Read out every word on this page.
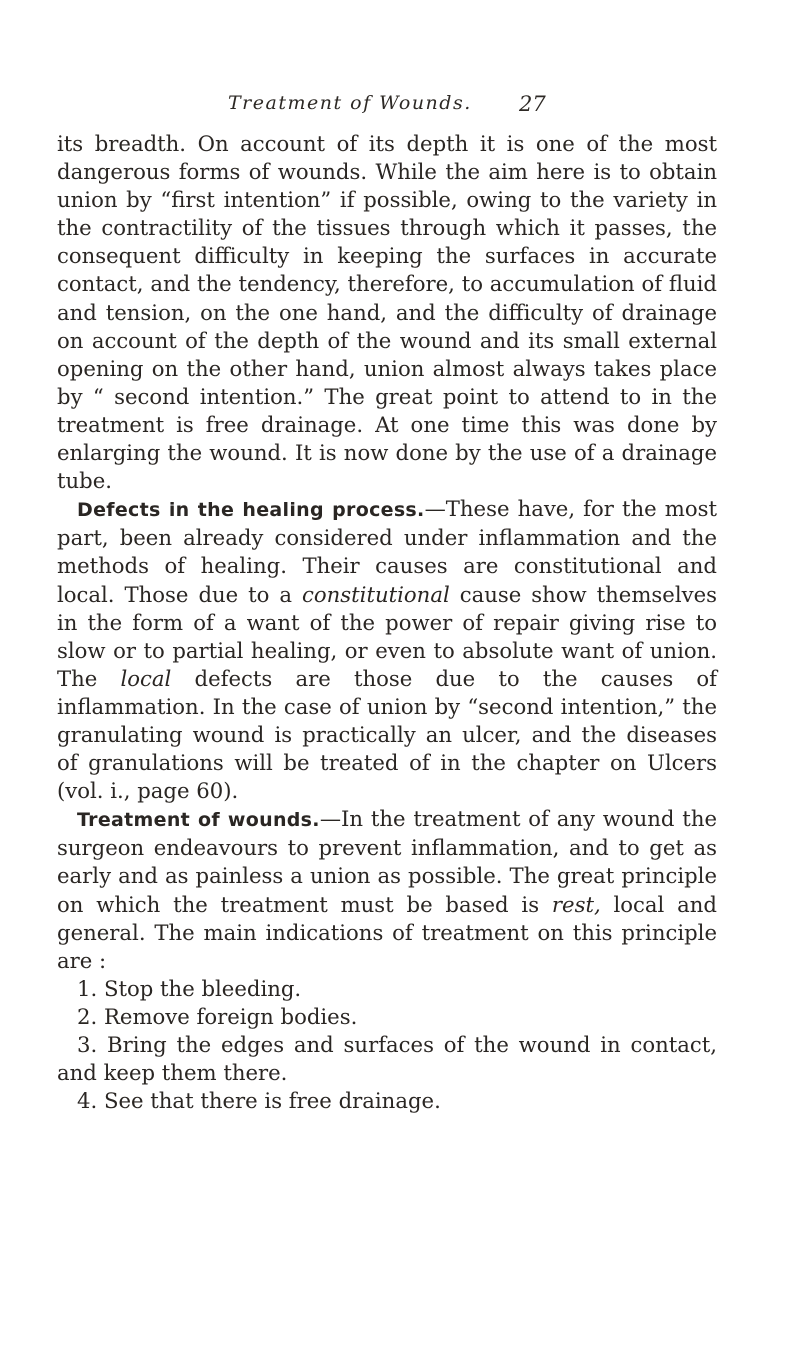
Treatment of Wounds. 27

its breadth. On account of its depth it is one of the most dangerous forms of wounds. While the aim here is to obtain union by “first intention” if possible, owing to the variety in the contractility of the tissues through which it passes, the consequent difficulty in keeping the surfaces in accurate contact, and the tendency, therefore, to accumulation of fluid and tension, on the one hand, and the difficulty of drainage on account of the depth of the wound and its small external opening on the other hand, union almost always takes place by “ second intention.” The great point to attend to in the treatment is free drainage. At one time this was done by enlarging the wound. It is now done by the use of a drainage tube.

Defects in the healing process.—These have, for the most part, been already considered under inflammation and the methods of healing. Their causes are constitutional and local. Those due to a constitutional cause show themselves in the form of a want of the power of repair giving rise to slow or to partial healing, or even to absolute want of union. The local defects are those due to the causes of inflammation. In the case of union by “second intention,” the granulating wound is practically an ulcer, and the diseases of granulations will be treated of in the chapter on Ulcers (vol. i., page 60).

Treatment of wounds.—In the treatment of any wound the surgeon endeavours to prevent inflammation, and to get as early and as painless a union as possible. The great principle on which the treatment must be based is rest, local and general. The main indications of treatment on this principle are :

1. Stop the bleeding.

2. Remove foreign bodies.

3. Bring the edges and surfaces of the wound in contact, and keep them there.

4. See that there is free drainage.
